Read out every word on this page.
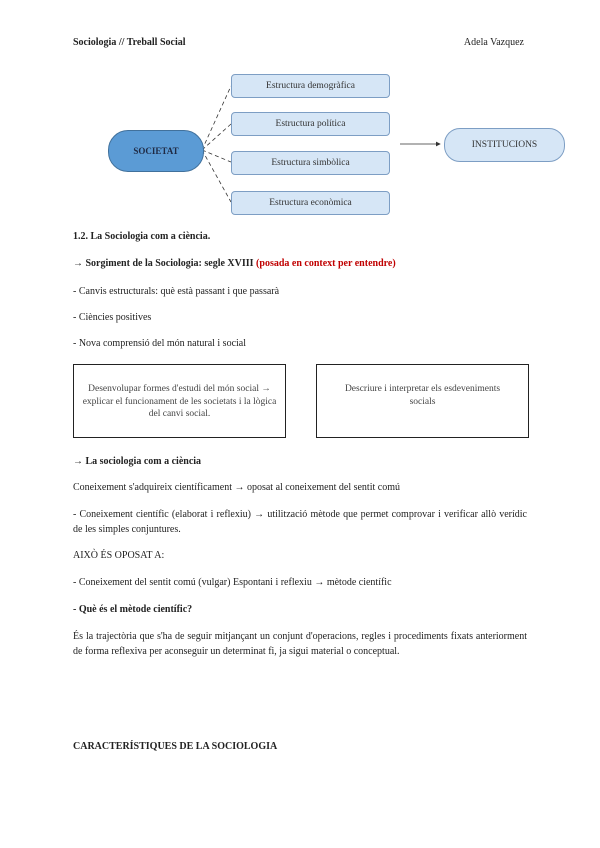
Sociologia // Treball Social	Adela Vazquez
SOCIETAT
Estructura demogràfica
Estructura política
Estructura simbòlica
Estructura econòmica
INSTITUCIONS
1.2. La Sociologia com a ciència.
→ Sorgiment de la Sociologia: segle XVIII (posada en context per entendre)
- Canvis estructurals: què està passant i que passarà
- Ciències positives
- Nova comprensió del món natural i social
Desenvolupar formes d'estudi del món social → explicar el funcionament de les societats i la lògica del canvi social.
Descriure i interpretar els esdeveniments socials
→ La sociologia com a ciència
Coneixement s'adquireix científicament → oposat al coneixement del sentit comú
- Coneixement científic (elaborat i reflexiu) → utilització mètode que permet comprovar i verificar allò verídic de les simples conjuntures.
AIXÒ ÉS OPOSAT A:
- Coneixement del sentit comú (vulgar) Espontani i reflexiu → mètode científic
- Què és el mètode científic?
És la trajectòria que s'ha de seguir mitjançant un conjunt d'operacions, regles i procediments fixats anteriorment de forma reflexiva per aconseguir un determinat fi, ja sigui material o conceptual.
CARACTERÍSTIQUES DE LA SOCIOLOGIA
